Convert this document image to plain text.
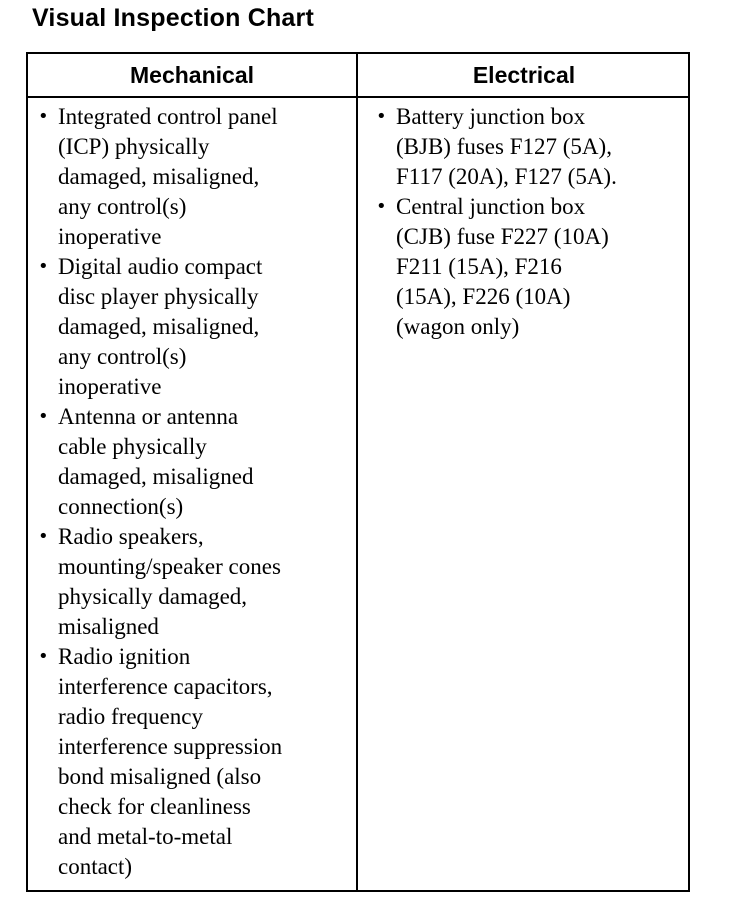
Visual Inspection Chart
Mechanical	Electrical
• Integrated control panel
(ICP) physically
damaged, misaligned,
any control(s)
inoperative
• Digital audio compact
disc player physically
damaged, misaligned,
any control(s)
inoperative
• Antenna or antenna
cable physically
damaged, misaligned
connection(s)
• Radio speakers,
mounting/speaker cones
physically damaged,
misaligned
• Radio ignition
interference capacitors,
radio frequency
interference suppression
bond misaligned (also
check for cleanliness
and metal-to-metal
contact)
• Battery junction box
(BJB) fuses F127 (5A),
F117 (20A), F127 (5A).
• Central junction box
(CJB) fuse F227 (10A)
F211 (15A), F216
(15A), F226 (10A)
(wagon only)
